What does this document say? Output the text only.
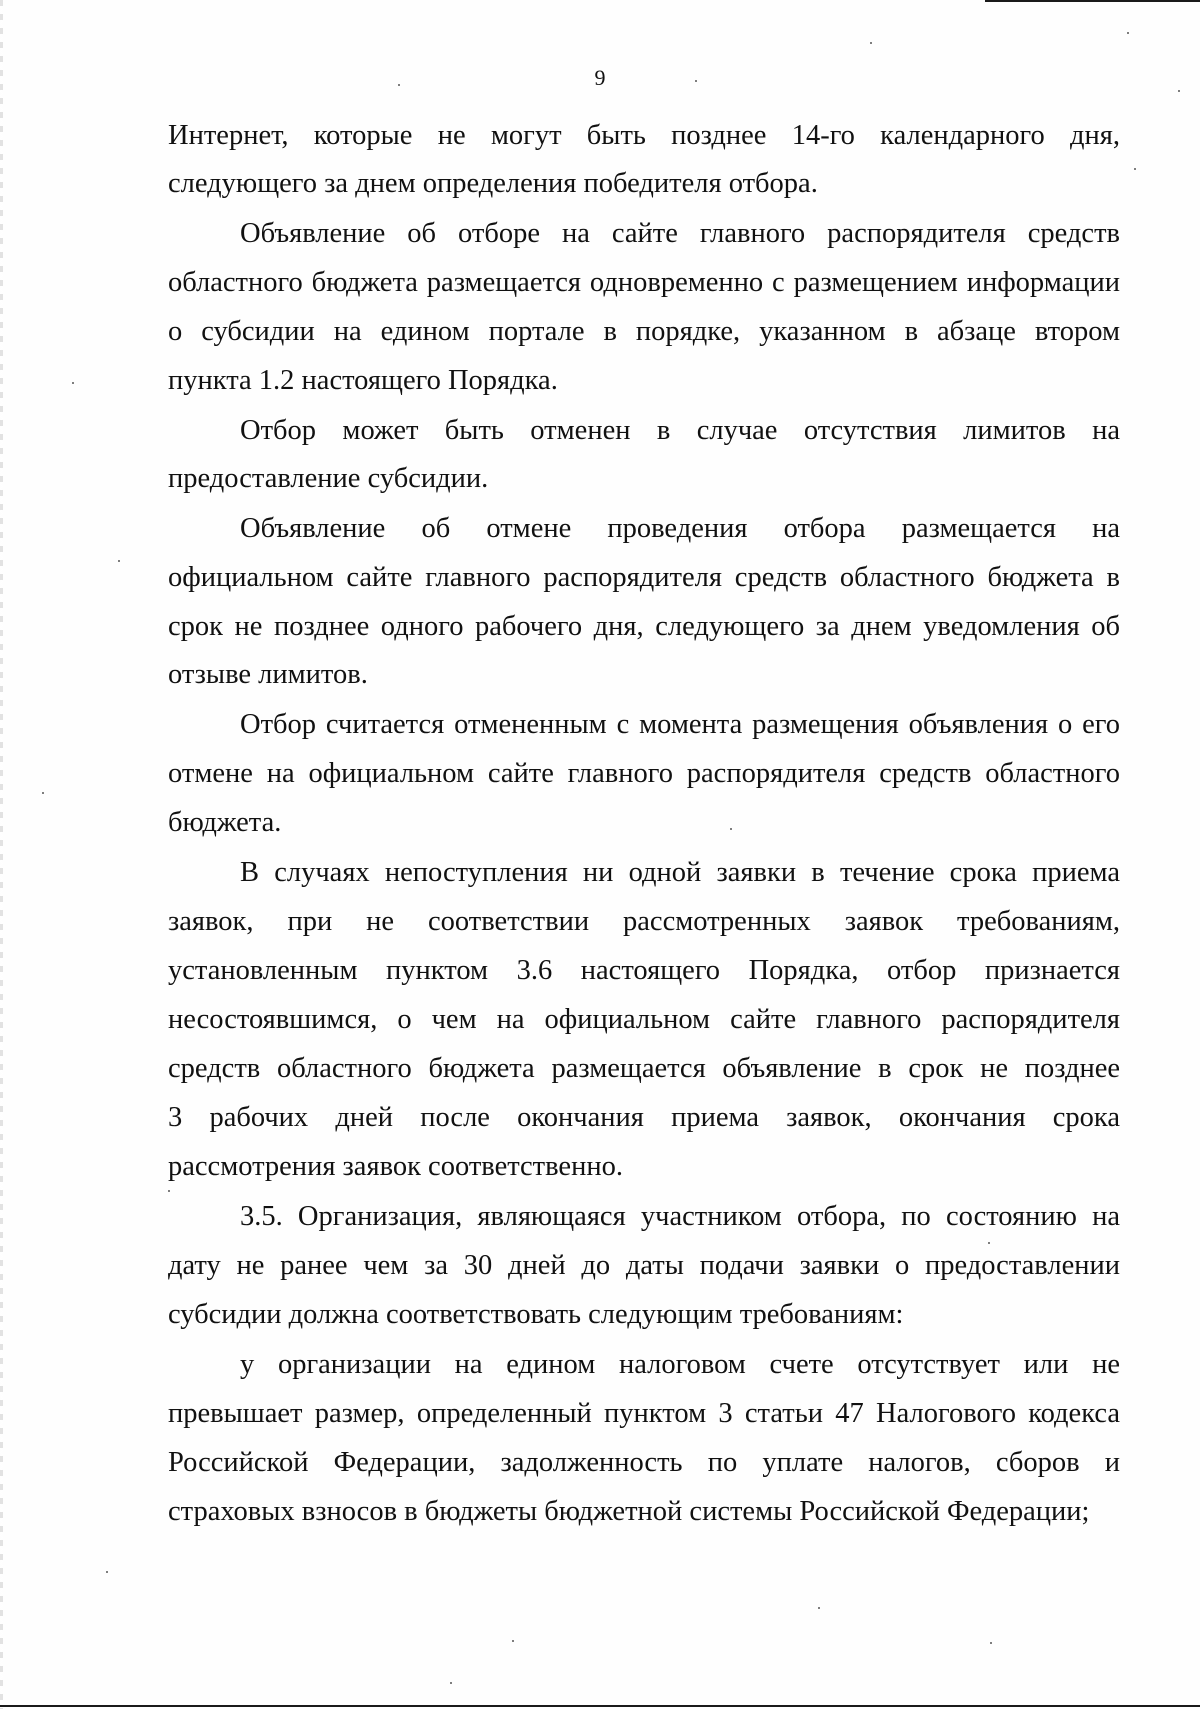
9
Интернет, которые не могут быть позднее 14-го календарного дня,
следующего за днем определения победителя отбора.
Объявление об отборе на сайте главного распорядителя средств
областного бюджета размещается одновременно с размещением информации
о субсидии на едином портале в порядке, указанном в абзаце втором
пункта 1.2 настоящего Порядка.
Отбор может быть отменен в случае отсутствия лимитов на
предоставление субсидии.
Объявление об отмене проведения отбора размещается на
официальном сайте главного распорядителя средств областного бюджета в
срок не позднее одного рабочего дня, следующего за днем уведомления об
отзыве лимитов.
Отбор считается отмененным с момента размещения объявления о его
отмене на официальном сайте главного распорядителя средств областного
бюджета.
В случаях непоступления ни одной заявки в течение срока приема
заявок, при не соответствии рассмотренных заявок требованиям,
установленным пунктом 3.6 настоящего Порядка, отбор признается
несостоявшимся, о чем на официальном сайте главного распорядителя
средств областного бюджета размещается объявление в срок не позднее
3 рабочих дней после окончания приема заявок, окончания срока
рассмотрения заявок соответственно.
3.5. Организация, являющаяся участником отбора, по состоянию на
дату не ранее чем за 30 дней до даты подачи заявки о предоставлении
субсидии должна соответствовать следующим требованиям:
у организации на едином налоговом счете отсутствует или не
превышает размер, определенный пунктом 3 статьи 47 Налогового кодекса
Российской Федерации, задолженность по уплате налогов, сборов и
страховых взносов в бюджеты бюджетной системы Российской Федерации;
